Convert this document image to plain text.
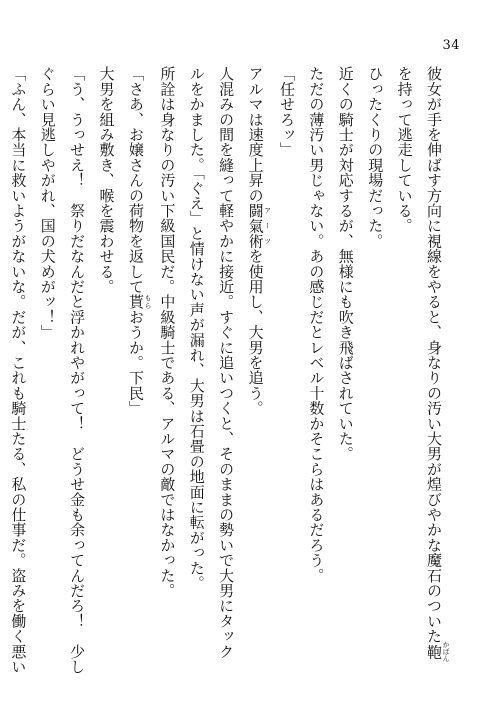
34
彼女が手を伸ばす方向に視線をやると、身なりの汚い大男が煌びやかな魔石のついた鞄 かばん
を持って逃走している。
ひったくりの現場だった。
近くの騎士が対応するが、無様にも吹き飛ばされていた。
ただの薄汚い男じゃない。あの感じだとレベル十数かそこらはあるだろう。
「任せろッ」
アルマは速度上昇の闘氣術 アーツを使用し、大男を追う。
人混みの間を縫って軽やかに接近。すぐに追いつくと、そのままの勢いで大男にタック
ルをかました。「ぐえ」と情けない声が漏れ、大男は石畳の地面に転がった。
所詮は身なりの汚い下級国民だ。中級騎士である、アルマの敵ではなかった。
「さあ、お嬢さんの荷物を返して貰 もらおうか。下民」
大男を組み敷き、喉を震わせる。
「う、うっせえ！　祭りだなんだと浮かれやがって！　どうせ金も余ってんだろ！　少し
ぐらい見逃しやがれ、国の犬めがッ！」
「ふん、本当に救いようがないな。だが、これも騎士たる、私の仕事だ。盗みを働く悪い
